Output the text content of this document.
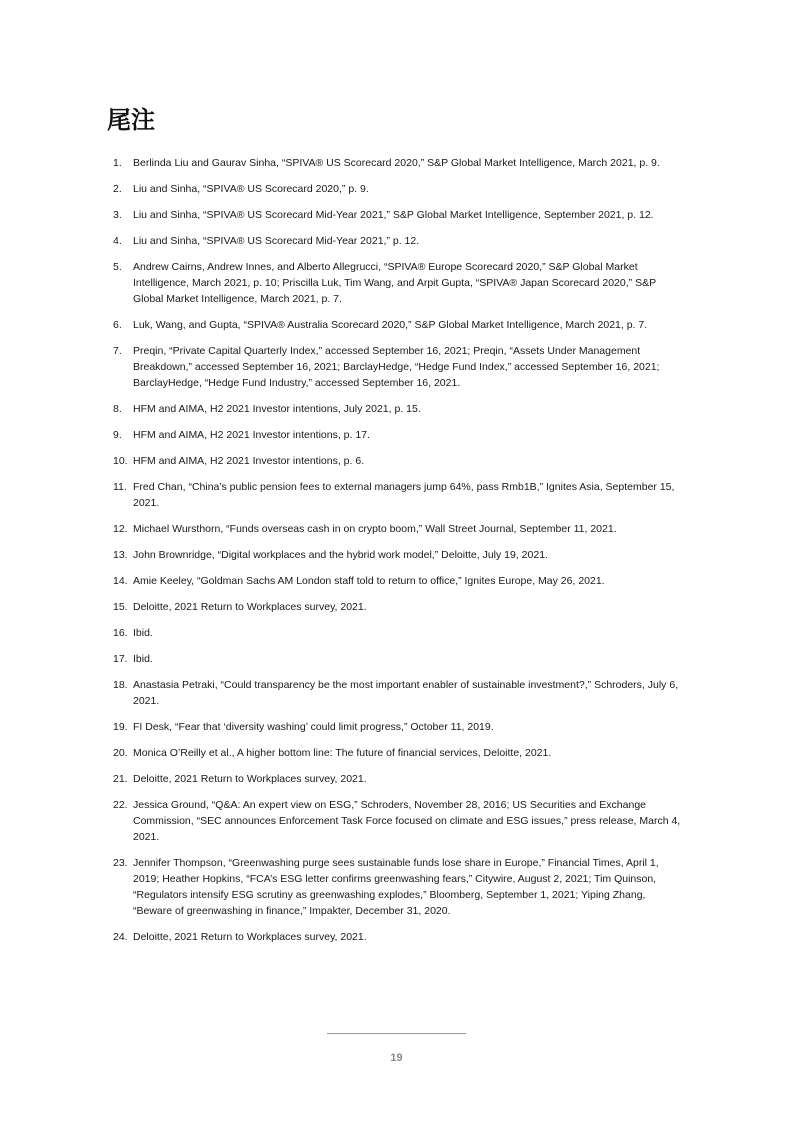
尾注
1.	Berlinda Liu and Gaurav Sinha, “SPIVA® US Scorecard 2020,” S&P Global Market Intelligence, March 2021, p. 9.
2.	Liu and Sinha, “SPIVA® US Scorecard 2020,” p. 9.
3.	Liu and Sinha, “SPIVA® US Scorecard Mid-Year 2021,” S&P Global Market Intelligence, September 2021, p. 12.
4.	Liu and Sinha, “SPIVA® US Scorecard Mid-Year 2021,” p. 12.
5.	Andrew Cairns, Andrew Innes, and Alberto Allegrucci, “SPIVA® Europe Scorecard 2020,” S&P Global Market Intelligence, March 2021, p. 10; Priscilla Luk, Tim Wang, and Arpit Gupta, “SPIVA® Japan Scorecard 2020,” S&P Global Market Intelligence, March 2021, p. 7.
6.	Luk, Wang, and Gupta, “SPIVA® Australia Scorecard 2020,” S&P Global Market Intelligence, March 2021, p. 7.
7.	Preqin, “Private Capital Quarterly Index,” accessed September 16, 2021; Preqin, “Assets Under Management Breakdown,” accessed September 16, 2021; BarclayHedge, “Hedge Fund Index,” accessed September 16, 2021; BarclayHedge, “Hedge Fund Industry,” accessed September 16, 2021.
8.	HFM and AIMA, H2 2021 Investor intentions, July 2021, p. 15.
9.	HFM and AIMA, H2 2021 Investor intentions, p. 17.
10. HFM and AIMA, H2 2021 Investor intentions, p. 6.
11. Fred Chan, “China’s public pension fees to external managers jump 64%, pass Rmb1B,” Ignites Asia, September 15, 2021.
12. Michael Wursthorn, “Funds overseas cash in on crypto boom,” Wall Street Journal, September 11, 2021.
13. John Brownridge, “Digital workplaces and the hybrid work model,” Deloitte, July 19, 2021.
14. Amie Keeley, “Goldman Sachs AM London staff told to return to office,” Ignites Europe, May 26, 2021.
15. Deloitte, 2021 Return to Workplaces survey, 2021.
16. Ibid.
17. Ibid.
18. Anastasia Petraki, “Could transparency be the most important enabler of sustainable investment?,” Schroders, July 6, 2021.
19. FI Desk, “Fear that ‘diversity washing’ could limit progress,” October 11, 2019.
20. Monica O’Reilly et al., A higher bottom line: The future of financial services, Deloitte, 2021.
21. Deloitte, 2021 Return to Workplaces survey, 2021.
22. Jessica Ground, “Q&A: An expert view on ESG,” Schroders, November 28, 2016; US Securities and Exchange Commission, “SEC announces Enforcement Task Force focused on climate and ESG issues,” press release, March 4, 2021.
23. Jennifer Thompson, “Greenwashing purge sees sustainable funds lose share in Europe,” Financial Times, April 1, 2019; Heather Hopkins, “FCA’s ESG letter confirms greenwashing fears,” Citywire, August 2, 2021; Tim Quinson, “Regulators intensify ESG scrutiny as greenwashing explodes,” Bloomberg, September 1, 2021; Yiping Zhang, “Beware of greenwashing in finance,” Impakter, December 31, 2020.
24. Deloitte, 2021 Return to Workplaces survey, 2021.
19
